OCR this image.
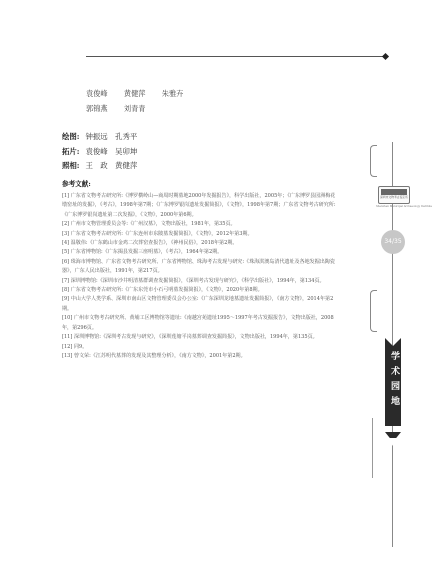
袁俊峰 黄健萍 朱雅卉
郭锦燕 刘青青
绘图: 钟振远　孔秀平
拓片: 袁俊峰　吴卯坤
照相: 王　政　黄健萍
参考文献:

[1] 广东省文物考古研究所:《博罗横岭山—商周时期墓地2000年发掘报告》，科学出版社，2005年；《广东博罗县园洲梅花墩窑址的发掘》，《考古》，1998年第7期；《广东博罗银岗遗址发掘简报》，《文物》，1998年第7期；广东省文物考古研究所:《广东博罗银岗遗址第二次发掘》，《文物》，2000年第6期。

[2] 广州市文物管理委员会等:《广州汉墓》，文物出版社，1981年，第35页。

[3] 广东省文物考古研究所:《广东连州市东陂墓发掘简报》，《文物》，2012年第3期。

[4] 温敬伟:《广东鹤山市金鸡二次葬窑查报告》，《神州民俗》，2018年第2期。

[5] 广东省博物馆:《广东揭县发掘三座明墓》，《考古》，1964年第2期。

[6] 珠海市博物馆、广东省文物考古研究所、广东省博物馆、珠海考古发现与研究:《珠海淇澳岛清代遗址及各地发掘出陶瓷器》，广东人民出版社，1991年，第217页。

[7] 深圳博物馆:《深圳市沙井明清墓群调查发掘简报》，《深圳考古发现与研究》，《科学出版社》，1994年，第134页。

[8] 广东省文物考古研究所:《广东东莞市小石弓明墓发掘简报》，《文物》，2020年第8期。

[9] 中山大学人类学系、深圳市南山区文物管理委员会办公室:《广东深圳龙地墓遗址发掘简报》，《南方文物》，2014年第2期。

[10] 广州市文物考古研究所、黄埔工区博物馆等遗址:《南越宫苑遗址1995～1997年考古发掘报告》，文物出版社，2008年，第296页。

[11] 深圳博物馆:《深圳考古发现与研究》，《深圳莲塘平岗墓葬调查发掘简报》，文物出版社，1994年，第135页。

[12] 同9。

[13] 曾文荣:《江苏明代墓葬的发现及其整理分析》，《南方文物》，2001年第2期。

深圳市文物考古鉴定所
Shenzhen Municipal Archaeology Institute
34/35
学术园地
